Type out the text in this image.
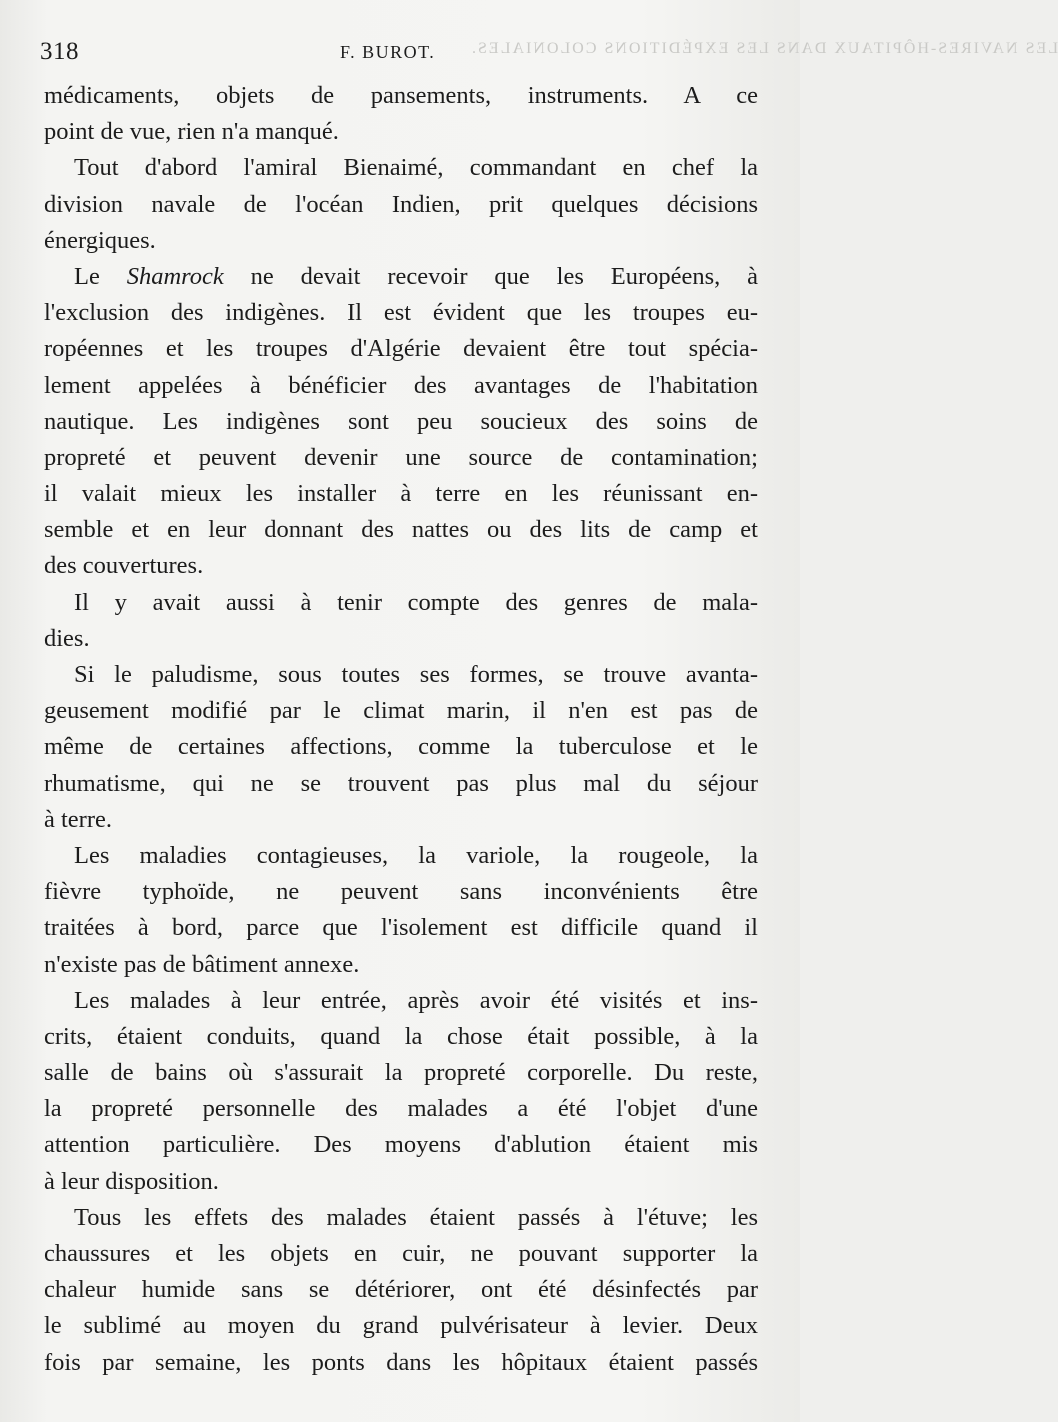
318	F. BUROT. LES NAVIRES-HÔPITAUX DANS LES EXPÉDITIONS COLONIALES.
médicaments, objets de pansements, instruments. A ce
point de vue, rien n'a manqué.
Tout d'abord l'amiral Bienaimé, commandant en chef la
division navale de l'océan Indien, prit quelques décisions
énergiques.
Le Shamrock ne devait recevoir que les Européens, à
l'exclusion des indigènes. Il est évident que les troupes eu-
ropéennes et les troupes d'Algérie devaient être tout spécia-
lement appelées à bénéficier des avantages de l'habitation
nautique. Les indigènes sont peu soucieux des soins de
propreté et peuvent devenir une source de contamination;
il valait mieux les installer à terre en les réunissant en-
semble et en leur donnant des nattes ou des lits de camp et
des couvertures.
Il y avait aussi à tenir compte des genres de mala-
dies.
Si le paludisme, sous toutes ses formes, se trouve avanta-
geusement modifié par le climat marin, il n'en est pas de
même de certaines affections, comme la tuberculose et le
rhumatisme, qui ne se trouvent pas plus mal du séjour
à terre.
Les maladies contagieuses, la variole, la rougeole, la
fièvre typhoïde, ne peuvent sans inconvénients être
traitées à bord, parce que l'isolement est difficile quand il
n'existe pas de bâtiment annexe.
Les malades à leur entrée, après avoir été visités et ins-
crits, étaient conduits, quand la chose était possible, à la
salle de bains où s'assurait la propreté corporelle. Du reste,
la propreté personnelle des malades a été l'objet d'une
attention particulière. Des moyens d'ablution étaient mis
à leur disposition.
Tous les effets des malades étaient passés à l'étuve; les
chaussures et les objets en cuir, ne pouvant supporter la
chaleur humide sans se détériorer, ont été désinfectés par
le sublimé au moyen du grand pulvérisateur à levier. Deux
fois par semaine, les ponts dans les hôpitaux étaient passés
